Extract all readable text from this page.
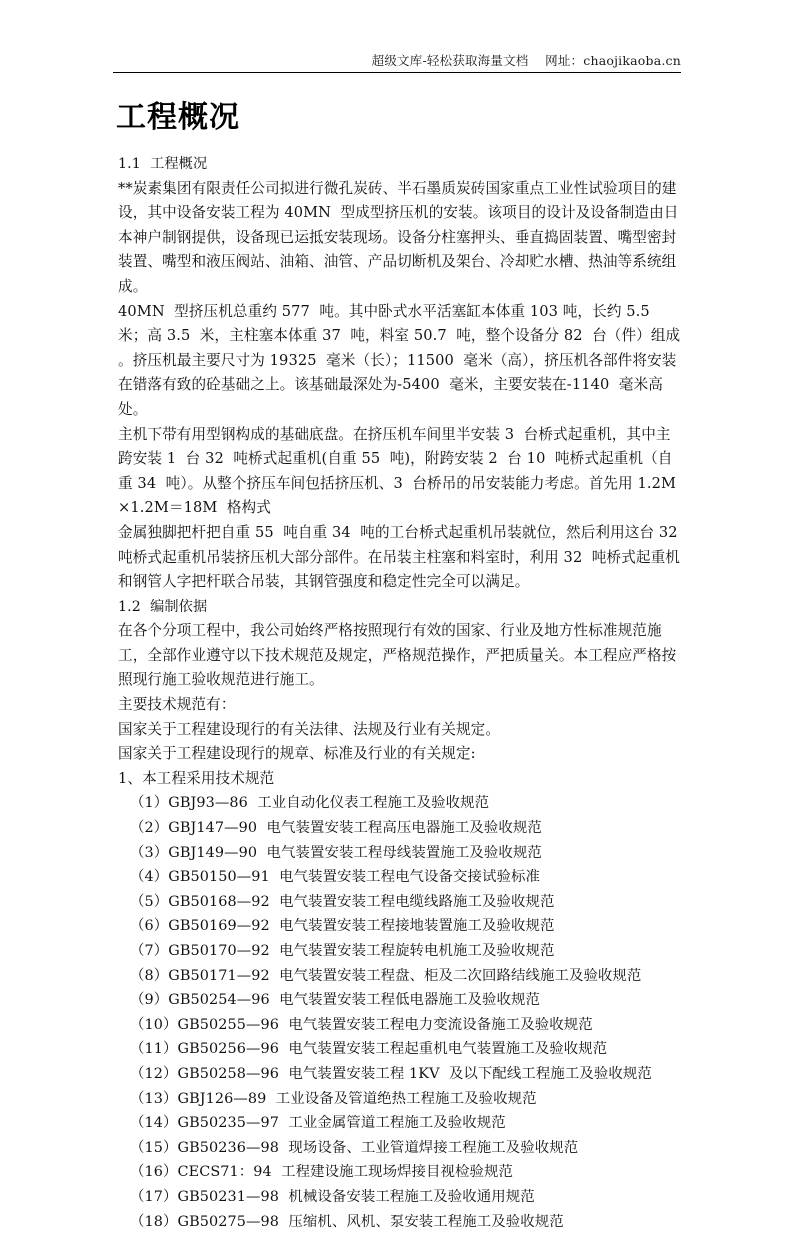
超级文库-轻松获取海量文档    网址：chaojikaoba.cn
工程概况

1.1  工程概况

**炭素集团有限责任公司拟进行微孔炭砖、半石墨质炭砖国家重点工业性试验项目的建设，其中设备安装工程为 40MN  型成型挤压机的安装。该项目的设计及设备制造由日本神户制钢提供，设备现已运抵安装现场。设备分柱塞押头、垂直捣固装置、嘴型密封装置、嘴型和液压阀站、油箱、油管、产品切断机及架台、冷却贮水槽、热油等系统组成。

40MN  型挤压机总重约 577  吨。其中卧式水平活塞缸本体重 103 吨，长约 5.5  米；高 3.5  米，主柱塞本体重 37  吨，料室 50.7  吨，整个设备分 82  台（件）组成 。挤压机最主要尺寸为 19325  毫米（长）；11500  毫米（高），挤压机各部件将安装在错落有致的砼基础之上。该基础最深处为-5400  毫米，主要安装在-1140  毫米高处。

主机下带有用型钢构成的基础底盘。在挤压机车间里半安装 3  台桥式起重机，其中主跨安装 1  台 32  吨桥式起重机(自重 55  吨)，附跨安装 2  台 10  吨桥式起重机（自重 34  吨）。从整个挤压车间包括挤压机、3  台桥吊的吊安装能力考虑。首先用 1.2M×1.2M＝18M  格构式

金属独脚把杆把自重 55  吨自重 34  吨的工台桥式起重机吊装就位，然后利用这台 32  吨桥式起重机吊装挤压机大部分部件。在吊装主柱塞和料室时，利用 32  吨桥式起重机和钢管人字把杆联合吊装，其钢管强度和稳定性完全可以满足。

1.2  编制依据

在各个分项工程中，我公司始终严格按照现行有效的国家、行业及地方性标准规范施工，全部作业遵守以下技术规范及规定，严格规范操作，严把质量关。本工程应严格按照现行施工验收规范进行施工。

主要技术规范有：

国家关于工程建设现行的有关法律、法规及行业有关规定。

国家关于工程建设现行的规章、标准及行业的有关规定:

1、本工程采用技术规范

（1）GBJ93—86  工业自动化仪表工程施工及验收规范

（2）GBJ147—90  电气装置安装工程高压电器施工及验收规范

（3）GBJ149—90  电气装置安装工程母线装置施工及验收规范

（4）GB50150—91  电气装置安装工程电气设备交接试验标准

（5）GB50168—92  电气装置安装工程电缆线路施工及验收规范

（6）GB50169—92  电气装置安装工程接地装置施工及验收规范

（7）GB50170—92  电气装置安装工程旋转电机施工及验收规范

（8）GB50171—92  电气装置安装工程盘、柜及二次回路结线施工及验收规范

（9）GB50254—96  电气装置安装工程低电器施工及验收规范

（10）GB50255—96  电气装置安装工程电力变流设备施工及验收规范

（11）GB50256—96  电气装置安装工程起重机电气装置施工及验收规范

（12）GB50258—96  电气装置安装工程 1KV  及以下配线工程施工及验收规范

（13）GBJ126—89  工业设备及管道绝热工程施工及验收规范

（14）GB50235—97  工业金属管道工程施工及验收规范

（15）GB50236—98  现场设备、工业管道焊接工程施工及验收规范

（16）CECS71：94  工程建设施工现场焊接目视检验规范

（17）GB50231—98  机械设备安装工程施工及验收通用规范

（18）GB50275—98  压缩机、风机、泵安装工程施工及验收规范
